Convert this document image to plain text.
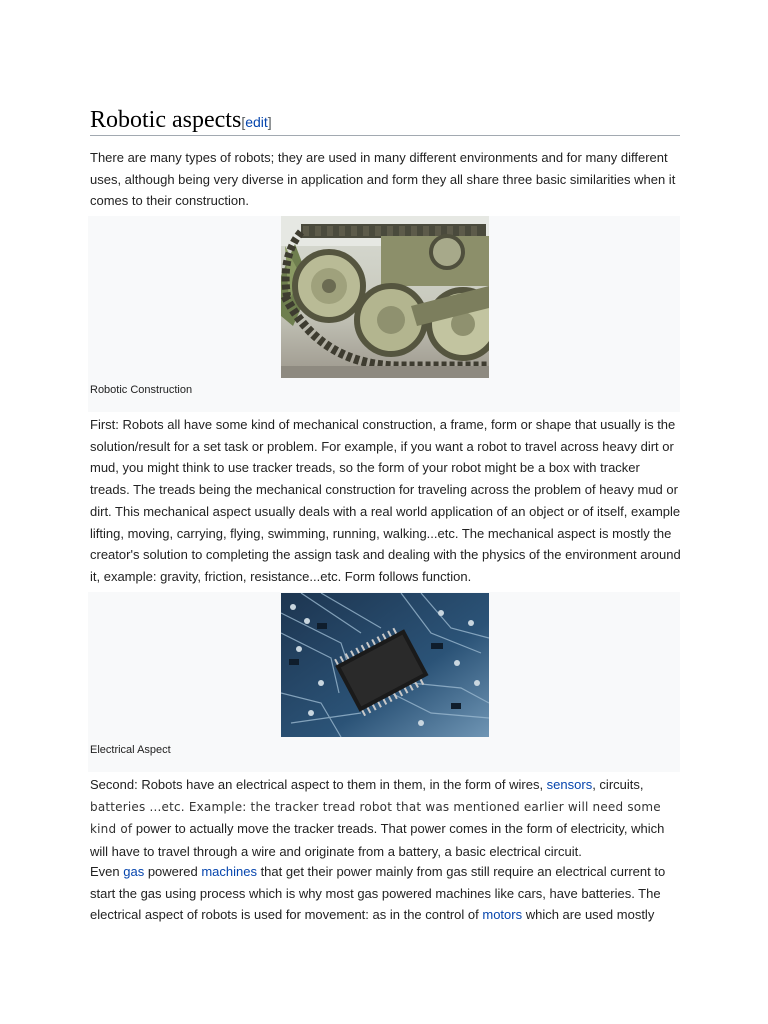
Robotic aspects[edit]

There are many types of robots; they are used in many different environments and for many different uses, although being very diverse in application and form they all share three basic similarities when it comes to their construction.

Robotic Construction

First: Robots all have some kind of mechanical construction, a frame, form or shape that usually is the solution/result for a set task or problem. For example, if you want a robot to travel across heavy dirt or mud, you might think to use tracker treads, so the form of your robot might be a box with tracker treads. The treads being the mechanical construction for traveling across the problem of heavy mud or dirt. This mechanical aspect usually deals with a real world application of an object or of itself, example lifting, moving, carrying, flying, swimming, running, walking...etc. The mechanical aspect is mostly the creator's solution to completing the assign task and dealing with the physics of the environment around it, example: gravity, friction, resistance...etc. Form follows function.

Electrical Aspect

Second: Robots have an electrical aspect to them in them, in the form of wires, sensors, circuits, batteries ...etc. Example: the tracker tread robot that was mentioned earlier will need some kind of power to actually move the tracker treads. That power comes in the form of electricity, which will have to travel through a wire and originate from a battery, a basic electrical circuit.

Even gas powered machines that get their power mainly from gas still require an electrical current to start the gas using process which is why most gas powered machines like cars, have batteries. The electrical aspect of robots is used for movement: as in the control of motors which are used mostly
